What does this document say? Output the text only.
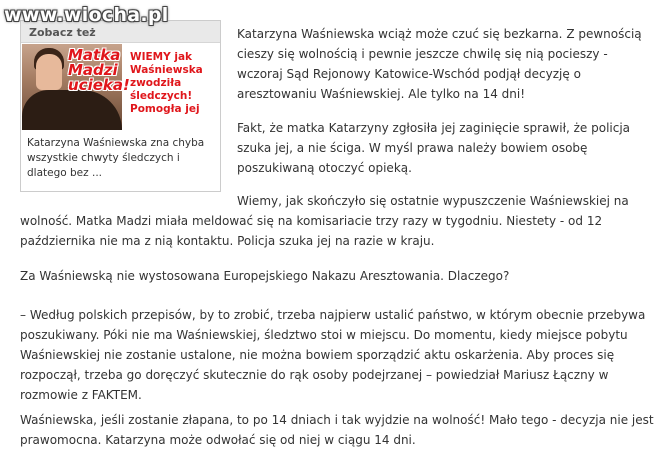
www.wiocha.pl
Zobacz też
Matka
Madzi
ucieka!
WIEMY jak Waśniewska zwodziła śledczych! Pomogła jej
Katarzyna Waśniewska zna chyba wszystkie chwyty śledczych i dlatego bez ...

Katarzyna Waśniewska wciąż może czuć się bezkarna. Z pewnością cieszy się wolnością i pewnie jeszcze chwilę się nią pocieszy - wczoraj Sąd Rejonowy Katowice-Wschód podjął decyzję o aresztowaniu Waśniewskiej. Ale tylko na 14 dni!

Fakt, że matka Katarzyny zgłosiła jej zaginięcie sprawił, że policja szuka jej, a nie ściga. W myśl prawa należy bowiem osobę poszukiwaną otoczyć opieką.

Wiemy, jak skończyło się ostatnie wypuszczenie Waśniewskiej na wolność. Matka Madzi miała meldować się na komisariacie trzy razy w tygodniu. Niestety - od 12 października nie ma z nią kontaktu. Policja szuka jej na razie w kraju.

Za Waśniewską nie wystosowana Europejskiego Nakazu Aresztowania. Dlaczego?

– Według polskich przepisów, by to zrobić, trzeba najpierw ustalić państwo, w którym obecnie przebywa poszukiwany. Póki nie ma Waśniewskiej, śledztwo stoi w miejscu. Do momentu, kiedy miejsce pobytu Waśniewskiej nie zostanie ustalone, nie można bowiem sporządzić aktu oskarżenia. Aby proces się rozpoczął, trzeba go doręczyć skutecznie do rąk osoby podejrzanej – powiedział Mariusz Łączny w rozmowie z FAKTEM.

Waśniewska, jeśli zostanie złapana, to po 14 dniach i tak wyjdzie na wolność! Mało tego - decyzja nie jest prawomocna. Katarzyna może odwołać się od niej w ciągu 14 dni.
